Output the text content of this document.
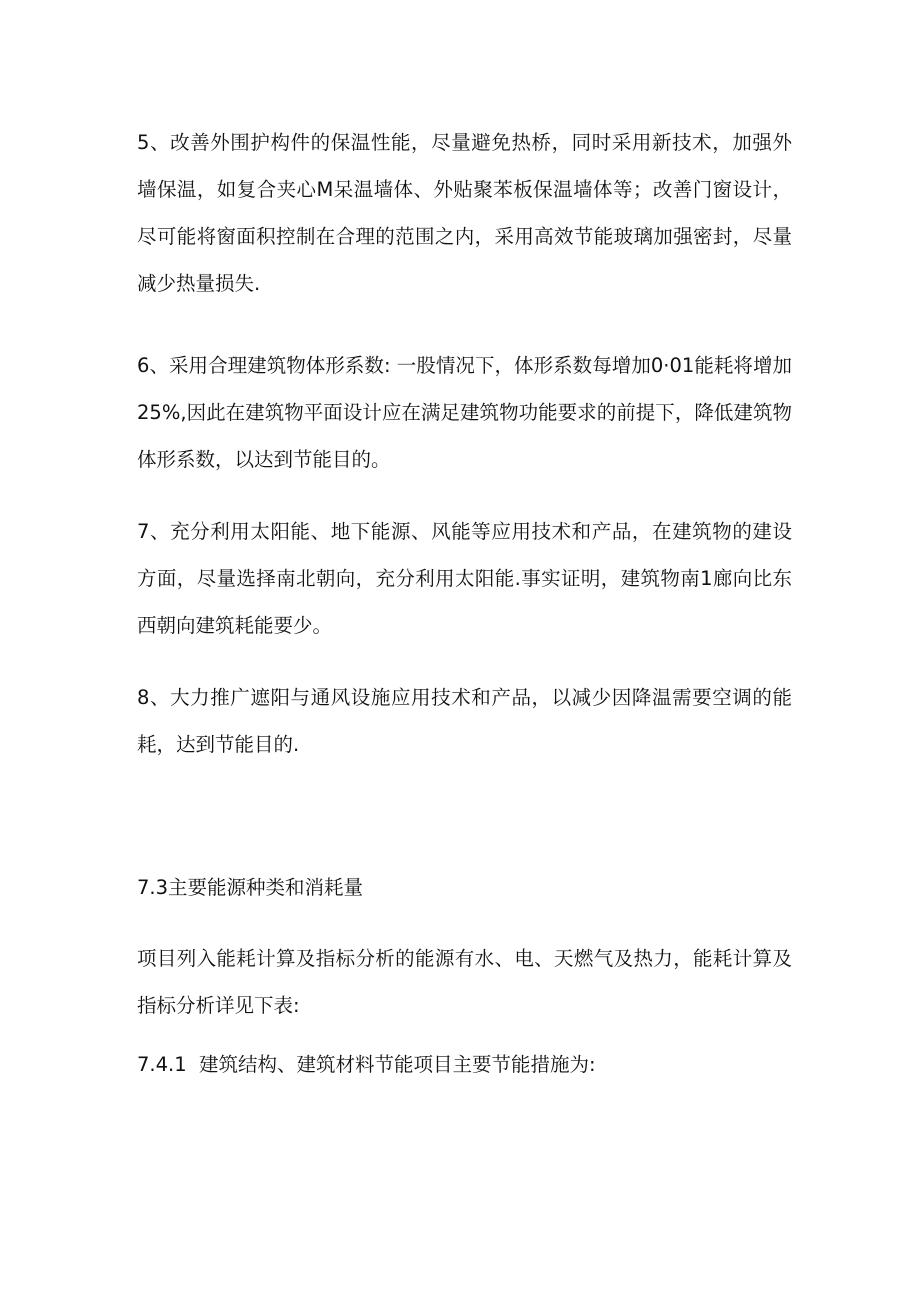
5、改善外围护构件的保温性能，尽量避免热桥，同时采用新技术，加强外墙保温，如复合夹心M呆温墙体、外贴聚苯板保温墙体等；改善门窗设计，尽可能将窗面积控制在合理的范围之内，采用高效节能玻璃加强密封，尽量减少热量损失.

6、采用合理建筑物体形系数: 一股情况下，体形系数每增加0·01能耗将增加25%,因此在建筑物平面设计应在满足建筑物功能要求的前提下，降低建筑物体形系数，以达到节能目的。

7、充分利用太阳能、地下能源、风能等应用技术和产品，在建筑物的建设方面，尽量选择南北朝向，充分利用太阳能.事实证明，建筑物南1廊向比东西朝向建筑耗能要少。

8、大力推广遮阳与通风设施应用技术和产品，以减少因降温需要空调的能耗，达到节能目的.

7.3主要能源种类和消耗量

项目列入能耗计算及指标分析的能源有水、电、天燃气及热力，能耗计算及指标分析详见下表:

7.4.1 建筑结构、建筑材料节能项目主要节能措施为:
